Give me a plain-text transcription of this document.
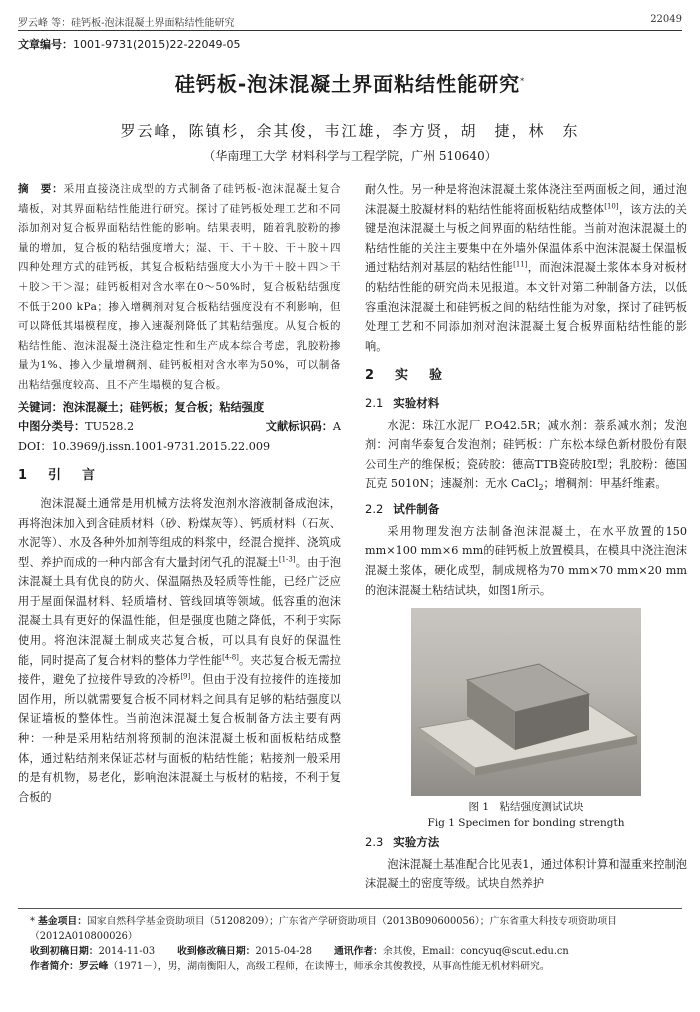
罗云峰 等：硅钙板-泡沫混凝土界面粘结性能研究	22049
文章编号：1001-9731(2015)22-22049-05
硅钙板-泡沫混凝土界面粘结性能研究*
罗云峰，陈镇杉，余其俊，韦江雄，李方贤，胡　捷，林　东
（华南理工大学 材料科学与工程学院，广州 510640）
摘　要：采用直接浇注成型的方式制备了硅钙板-泡沫混凝土复合墙板，对其界面粘结性能进行研究。探讨了硅钙板处理工艺和不同添加剂对复合板界面粘结性能的影响。结果表明，随着乳胶粉的掺量的增加，复合板的粘结强度增大；湿、干、干＋胶、干＋胶＋四四种处理方式的硅钙板，其复合板粘结强度大小为干＋胶＋四＞干＋胶＞干＞湿；硅钙板相对含水率在0～50%时，复合板粘结强度不低于200 kPa；掺入增稠剂对复合板粘结强度没有不利影响，但可以降低其塌模程度，掺入速凝剂降低了其粘结强度。从复合板的粘结性能、泡沫混凝土浇注稳定性和生产成本综合考虑，乳胶粉掺量为1%、掺入少量增稠剂、硅钙板相对含水率为50%，可以制备出粘结强度较高、且不产生塌模的复合板。
关键词：泡沫混凝土；硅钙板；复合板；粘结强度
中图分类号：TU528.2	文献标识码：A
DOI：10.3969/j.issn.1001-9731.2015.22.009
1　引　言

泡沫混凝土通常是用机械方法将发泡剂水溶液制备成泡沫，再将泡沫加入到含硅质材料（砂、粉煤灰等）、钙质材料（石灰、水泥等）、水及各种外加剂等组成的料浆中，经混合搅拌、浇筑成型、养护而成的一种内部含有大量封闭气孔的混凝土[1-3]。由于泡沫混凝土具有优良的防火、保温隔热及轻质等性能，已经广泛应用于屋面保温材料、轻质墙材、管线回填等领域。低容重的泡沫混凝土具有更好的保温性能，但是强度也随之降低，不利于实际使用。将泡沫混凝土制成夹芯复合板，可以具有良好的保温性能，同时提高了复合材料的整体力学性能[4-8]。夹芯复合板无需拉接件，避免了拉接件导致的冷桥[9]。但由于没有拉接件的连接加固作用，所以就需要复合板不同材料之间具有足够的粘结强度以保证墙板的整体性。当前泡沫混凝土复合板制备方法主要有两种：一种是采用粘结剂将预制的泡沫混凝土板和面板粘结成整体，通过粘结剂来保证芯材与面板的粘结性能；粘接剂一般采用的是有机物，易老化，影响泡沫混凝土与板材的粘接，不利于复合板的

耐久性。另一种是将泡沫混凝土浆体浇注至两面板之间，通过泡沫混凝土胶凝材料的粘结性能将面板粘结成整体[10]，该方法的关键是泡沫混凝土与板之间界面的粘结性能。当前对泡沫混凝土的粘结性能的关注主要集中在外墙外保温体系中泡沫混凝土保温板通过粘结剂对基层的粘结性能[11]，而泡沫混凝土浆体本身对板材的粘结性能的研究尚未见报道。本文针对第二种制备方法，以低容重泡沫混凝土和硅钙板之间的粘结性能为对象，探讨了硅钙板处理工艺和不同添加剂对泡沫混凝土复合板界面粘结性能的影响。

2　实　验
2.1 实验材料

水泥：珠江水泥厂 P.O42.5R；减水剂：萘系减水剂；发泡剂：河南华泰复合发泡剂；硅钙板：广东松本绿色新材股份有限公司生产的维保板；瓷砖胶：德高TTB瓷砖胶Ⅰ型；乳胶粉：德国瓦克 5010N；速凝剂：无水 CaCl$_2$；增稠剂：甲基纤维素。

2.2 试件制备

采用物理发泡方法制备泡沫混凝土，在水平放置的150 mm×100 mm×6 mm的硅钙板上放置模具，在模具中浇注泡沫混凝土浆体，硬化成型，制成规格为70 mm×70 mm×20 mm的泡沫混凝土粘结试块，如图1所示。

图 1　粘结强度测试试块
Fig 1 Specimen for bonding strength
2.3 实验方法

泡沫混凝土基准配合比见表1，通过体积计算和湿重来控制泡沫混凝土的密度等级。试块自然养护

* 基金项目：国家自然科学基金资助项目（51208209）；广东省产学研资助项目（2013B090600056）；广东省重大科技专项资助项目（2012A010800026）
收到初稿日期：2014-11-03 收到修改稿日期：2015-04-28 通讯作者：余其俊，Email：concyuq@scut.edu.cn
作者简介：罗云峰（1971－），男，湖南衡阳人，高级工程师，在读博士，师承余其俊教授，从事高性能无机材料研究。
